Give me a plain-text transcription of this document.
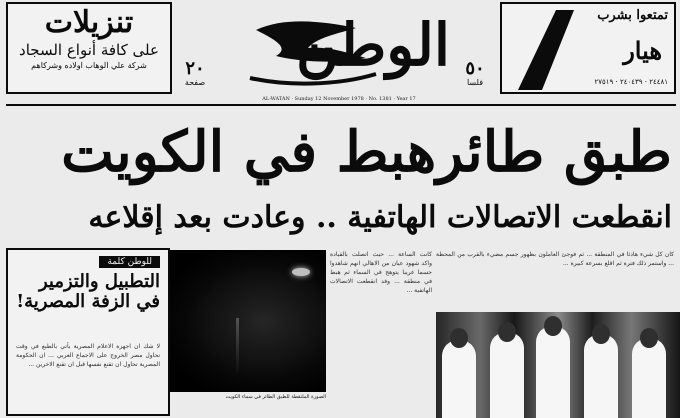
تنزيلات
على كافة أنواع السجاد
شركة علي الوهاب اولاده وشركاهم	٢٠
صفحة
الوطن ٥٠
فلسا
تمتعوا بشرب
هيار
٢٤٤٨١ · ٢٤٠٤٣٩ · ٢٧٥١٩
AL-WATAN · Sunday 12 November 1978 · No. 1381 · Year 17
طبق طائرهبط في الكويت
انقطعت الاتصالات الهاتفية .. وعادت بعد إقلاعه
للوطن كلمة
التطبيل والتزمير في الزفة المصرية!
لا شك ان اجهزة الاعلام المصرية يأتي بالطبع في وقت تحاول مصر الخروج على الاجماع العربي ... ان الحكومة المصرية تحاول ان تقنع نفسها قبل ان تقنع الاخرين ...
الصورة الملتقطة للطبق الطائر في سماء الكويت
كانت الساعة ... حيث اتصلت بالقيادة واكد شهود عيان من الاهالي انهم شاهدوا جسما غريبا يتوهج في السماء ثم هبط في منطقة ... وقد انقطعت الاتصالات الهاتفية ...
كان كل شيء هادئا في المنطقة ... ثم فوجئ العاملون بظهور جسم مضيء بالقرب من المحطة ... واستمر ذلك فترة ثم اقلع بسرعة كبيرة ...
